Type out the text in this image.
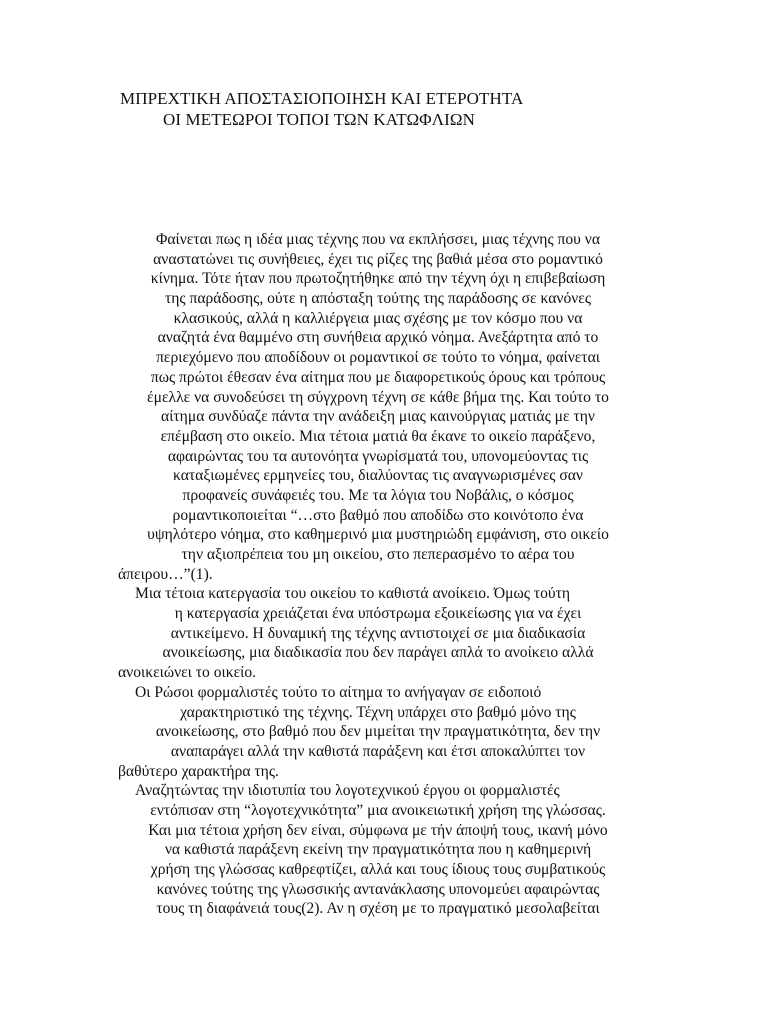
ΜΠΡΕΧΤΙΚΗ ΑΠΟΣΤΑΣΙΟΠΟΙΗΣΗ ΚΑΙ ΕΤΕΡΟΤΗΤΑ
ΟΙ ΜΕΤΕΩΡΟΙ ΤΟΠΟΙ ΤΩΝ ΚΑΤΩΦΛΙΩΝ
Φαίνεται πως η ιδέα μιας τέχνης που να εκπλήσσει, μιας τέχνης που να
αναστατώνει τις συνήθειες, έχει τις ρίζες της βαθιά μέσα στο ρομαντικό
κίνημα. Τότε ήταν που πρωτοζητήθηκε από την τέχνη όχι η επιβεβαίωση
της παράδοσης, ούτε η απόσταξη τούτης της παράδοσης σε κανόνες
κλασικούς, αλλά η καλλιέργεια μιας σχέσης με τον κόσμο που να
αναζητά ένα θαμμένο στη συνήθεια αρχικό νόημα. Ανεξάρτητα από το
περιεχόμενο που αποδίδουν οι ρομαντικοί σε τούτο το νόημα, φαίνεται
πως πρώτοι έθεσαν ένα αίτημα που με διαφορετικούς όρους και τρόπους
έμελλε να συνοδεύσει τη σύγχρονη τέχνη σε κάθε βήμα της. Και τούτο το
αίτημα συνδύαζε πάντα την ανάδειξη μιας καινούργιας ματιάς με την
επέμβαση στο οικείο. Μια τέτοια ματιά θα έκανε το οικείο παράξενο,
αφαιρώντας του τα αυτονόητα γνωρίσματά του, υπονομεύοντας τις
καταξιωμένες ερμηνείες του, διαλύοντας τις αναγνωρισμένες σαν
προφανείς συνάφειές του. Με τα λόγια του Νοβάλις, ο κόσμος
ρομαντικοποιείται “…στο βαθμό που αποδίδω στο κοινότοπο ένα
υψηλότερο νόημα, στο καθημερινό μια μυστηριώδη εμφάνιση, στο οικείο
την αξιοπρέπεια του μη οικείου, στο πεπερασμένο το αέρα του
άπειρου…”(1).
Μια τέτοια κατεργασία του οικείου το καθιστά ανοίκειο. Όμως τούτη
η κατεργασία χρειάζεται ένα υπόστρωμα εξοικείωσης για να έχει
αντικείμενο. Η δυναμική της τέχνης αντιστοιχεί σε μια διαδικασία
ανοικείωσης, μια διαδικασία που δεν παράγει απλά το ανοίκειο αλλά
ανοικειώνει το οικείο.
Οι Ρώσοι φορμαλιστές τούτο το αίτημα το ανήγαγαν σε ειδοποιό
χαρακτηριστικό της τέχνης. Τέχνη υπάρχει στο βαθμό μόνο της
ανοικείωσης, στο βαθμό που δεν μιμείται την πραγματικότητα, δεν την
αναπαράγει αλλά την καθιστά παράξενη και έτσι αποκαλύπτει τον
βαθύτερο χαρακτήρα της.
Αναζητώντας την ιδιοτυπία του λογοτεχνικού έργου οι φορμαλιστές
εντόπισαν στη “λογοτεχνικότητα” μια ανοικειωτική χρήση της γλώσσας.
Και μια τέτοια χρήση δεν είναι, σύμφωνα με τήν άποψή τους, ικανή μόνο
να καθιστά παράξενη εκείνη την πραγματικότητα που η καθημερινή
χρήση της γλώσσας καθρεφτίζει, αλλά και τους ίδιους τους συμβατικούς
κανόνες τούτης της γλωσσικής αντανάκλασης υπονομεύει αφαιρώντας
τους τη διαφάνειά τους(2). Αν η σχέση με το πραγματικό μεσολαβείται
